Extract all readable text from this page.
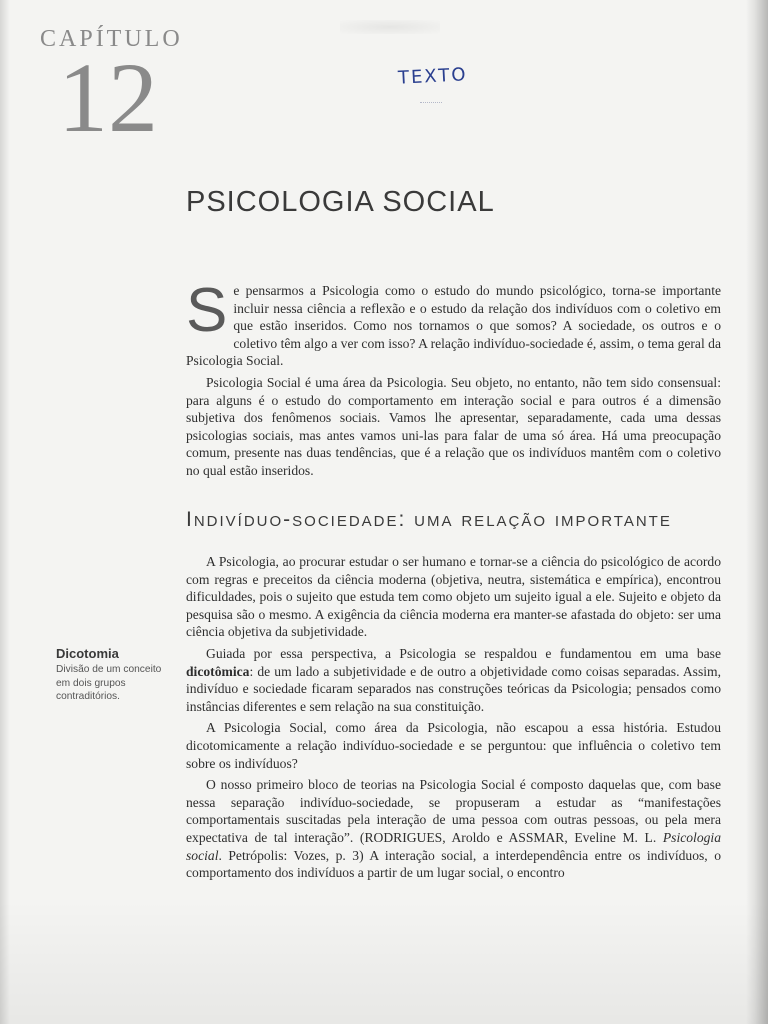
CAPÍTULO
12	TEXTO
PSICOLOGIA SOCIAL

Se pensarmos a Psicologia como o estudo do mundo psicológico, torna-se importante incluir nessa ciência a reflexão e o estudo da relação dos indivíduos com o coletivo em que estão inseridos. Como nos tornamos o que somos? A sociedade, os outros e o coletivo têm algo a ver com isso? A relação indivíduo-sociedade é, assim, o tema geral da Psicologia Social.

Psicologia Social é uma área da Psicologia. Seu objeto, no entanto, não tem sido consensual: para alguns é o estudo do comportamento em interação social e para outros é a dimensão subjetiva dos fenômenos sociais. Vamos lhe apresentar, separadamente, cada uma dessas psicologias sociais, mas antes vamos uni-las para falar de uma só área. Há uma preocupação comum, presente nas duas tendências, que é a relação que os indivíduos mantêm com o coletivo no qual estão inseridos.

Indivíduo-sociedade: uma relação importante

A Psicologia, ao procurar estudar o ser humano e tornar-se a ciência do psicológico de acordo com regras e preceitos da ciência moderna (objetiva, neutra, sistemática e empírica), encontrou dificuldades, pois o sujeito que estuda tem como objeto um sujeito igual a ele. Sujeito e objeto da pesquisa são o mesmo. A exigência da ciência moderna era manter-se afastada do objeto: ser uma ciência objetiva da subjetividade.

Guiada por essa perspectiva, a Psicologia se respaldou e fundamentou em uma base dicotômica: de um lado a subjetividade e de outro a objetividade como coisas separadas. Assim, indivíduo e sociedade ficaram separados nas construções teóricas da Psicologia; pensados como instâncias diferentes e sem relação na sua constituição.

A Psicologia Social, como área da Psicologia, não escapou a essa história. Estudou dicotomicamente a relação indivíduo-sociedade e se perguntou: que influência o coletivo tem sobre os indivíduos?

O nosso primeiro bloco de teorias na Psicologia Social é composto daquelas que, com base nessa separação indivíduo-sociedade, se propuseram a estudar as “manifestações comportamentais suscitadas pela interação de uma pessoa com outras pessoas, ou pela mera expectativa de tal interação”. (RODRIGUES, Aroldo e ASSMAR, Eveline M. L. Psicologia social. Petrópolis: Vozes, p. 3) A interação social, a interdependência entre os indivíduos, o comportamento dos indivíduos a partir de um lugar social, o encontro

Dicotomia
Divisão de um conceito em dois grupos contraditórios.
